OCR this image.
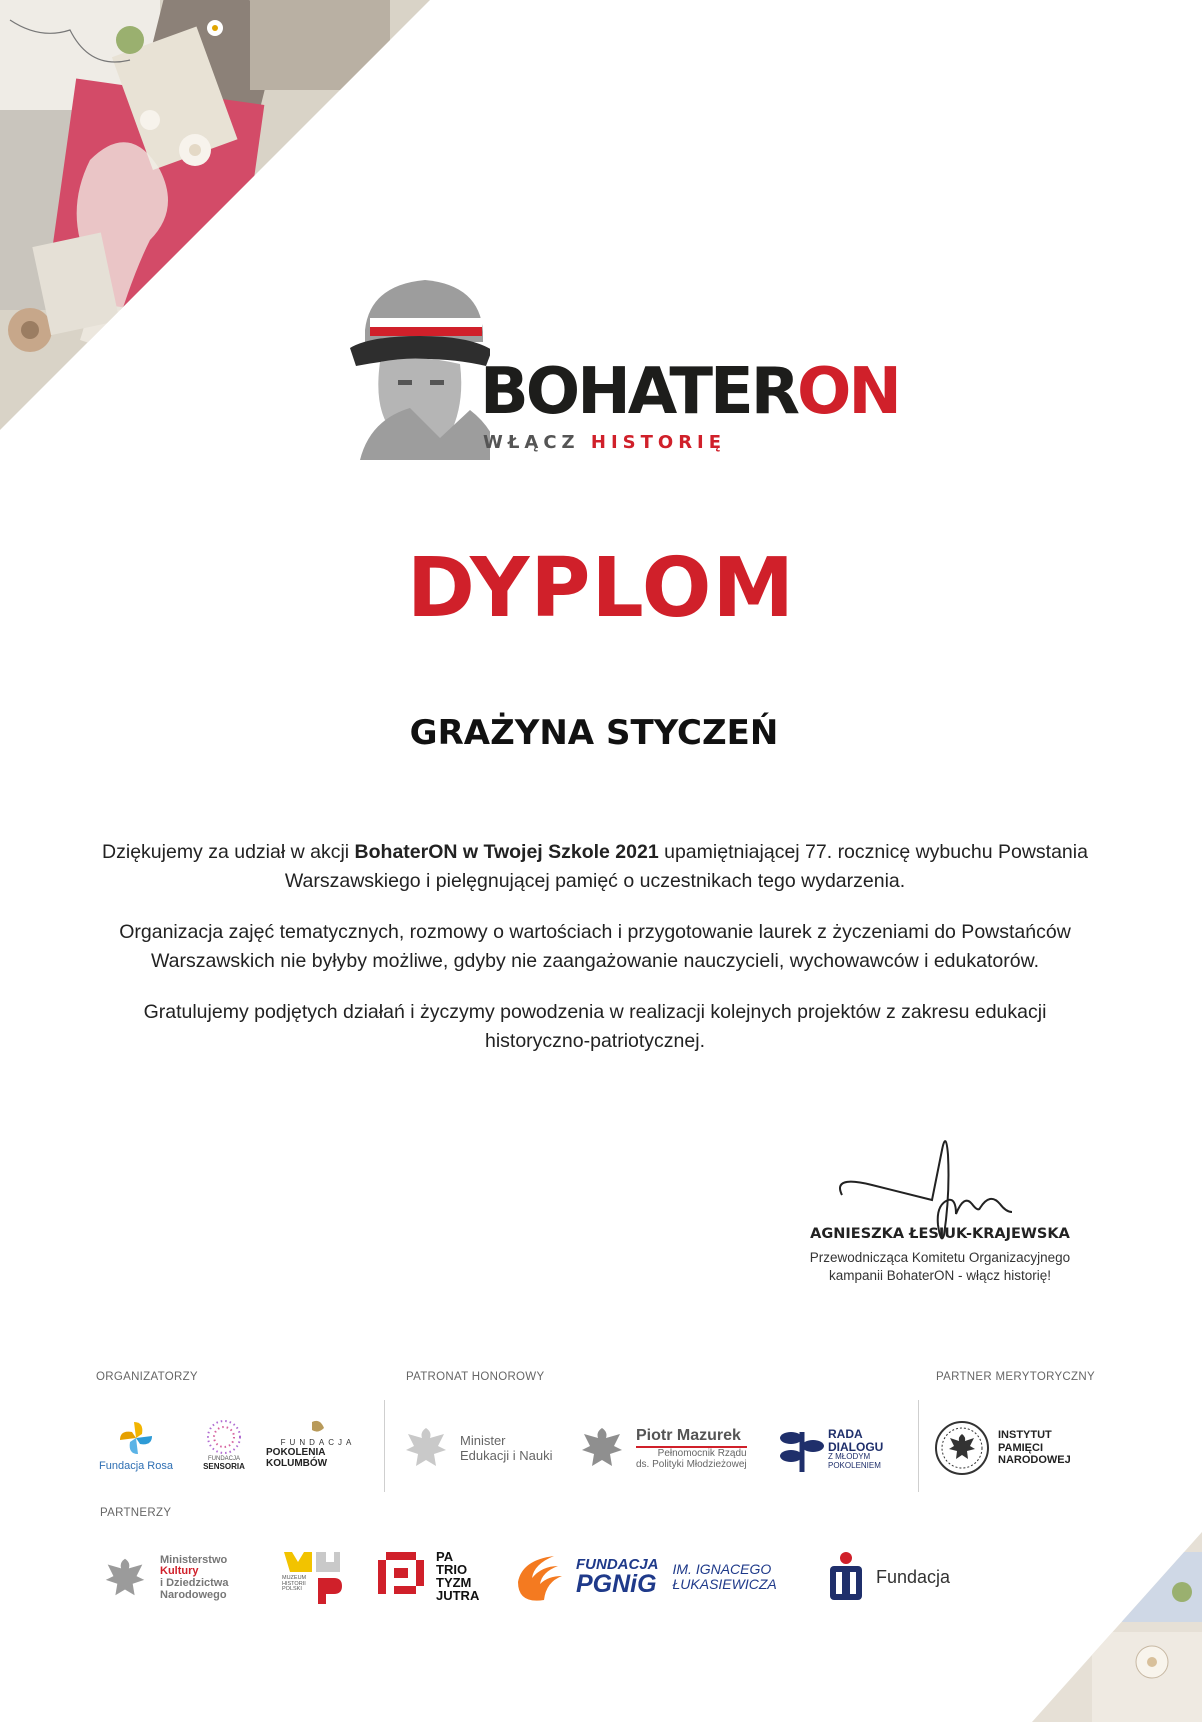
BOHATERON
WŁĄCZ HISTORIĘ
DYPLOM
GRAŻYNA STYCZEŃ

Dziękujemy za udział w akcji BohaterON w Twojej Szkole 2021 upamiętniającej 77. rocznicę wybuchu Powstania Warszawskiego i pielęgnującej pamięć o uczestnikach tego wydarzenia.

Organizacja zajęć tematycznych, rozmowy o wartościach i przygotowanie laurek z życzeniami do Powstańców Warszawskich nie byłyby możliwe, gdyby nie zaangażowanie nauczycieli, wychowawców i edukatorów.

Gratulujemy podjętych działań i życzymy powodzenia w realizacji kolejnych projektów z zakresu edukacji historyczno-patriotycznej.

AGNIESZKA ŁESIUK-KRAJEWSKA
Przewodnicząca Komitetu Organizacyjnego
kampanii BohaterON - włącz historię!
ORGANIZATORZY	PATRONAT HONOROWY	PARTNER MERYTORYCZNY
PARTNERZY
Fundacja Rosa
FUNDACJA
SENSORIA
FUNDACJA
POKOLENIA KOLUMBÓW
Minister
Edukacji i Nauki
Piotr Mazurek
Pełnomocnik Rządu
ds. Polityki Młodzieżowej
RADA
DIALOGU
Z MŁODYM
POKOLENIEM
INSTYTUT
PAMIĘCI
NARODOWEJ
Ministerstwo
Kultury
i Dziedzictwa
Narodowego
MUZEUM
HISTORII
POLSKI
PA
TRIO
TYZM
JUTRA
FUNDACJA
PGNiG
IM. IGNACEGO
ŁUKASIEWICZA	Fundacja
